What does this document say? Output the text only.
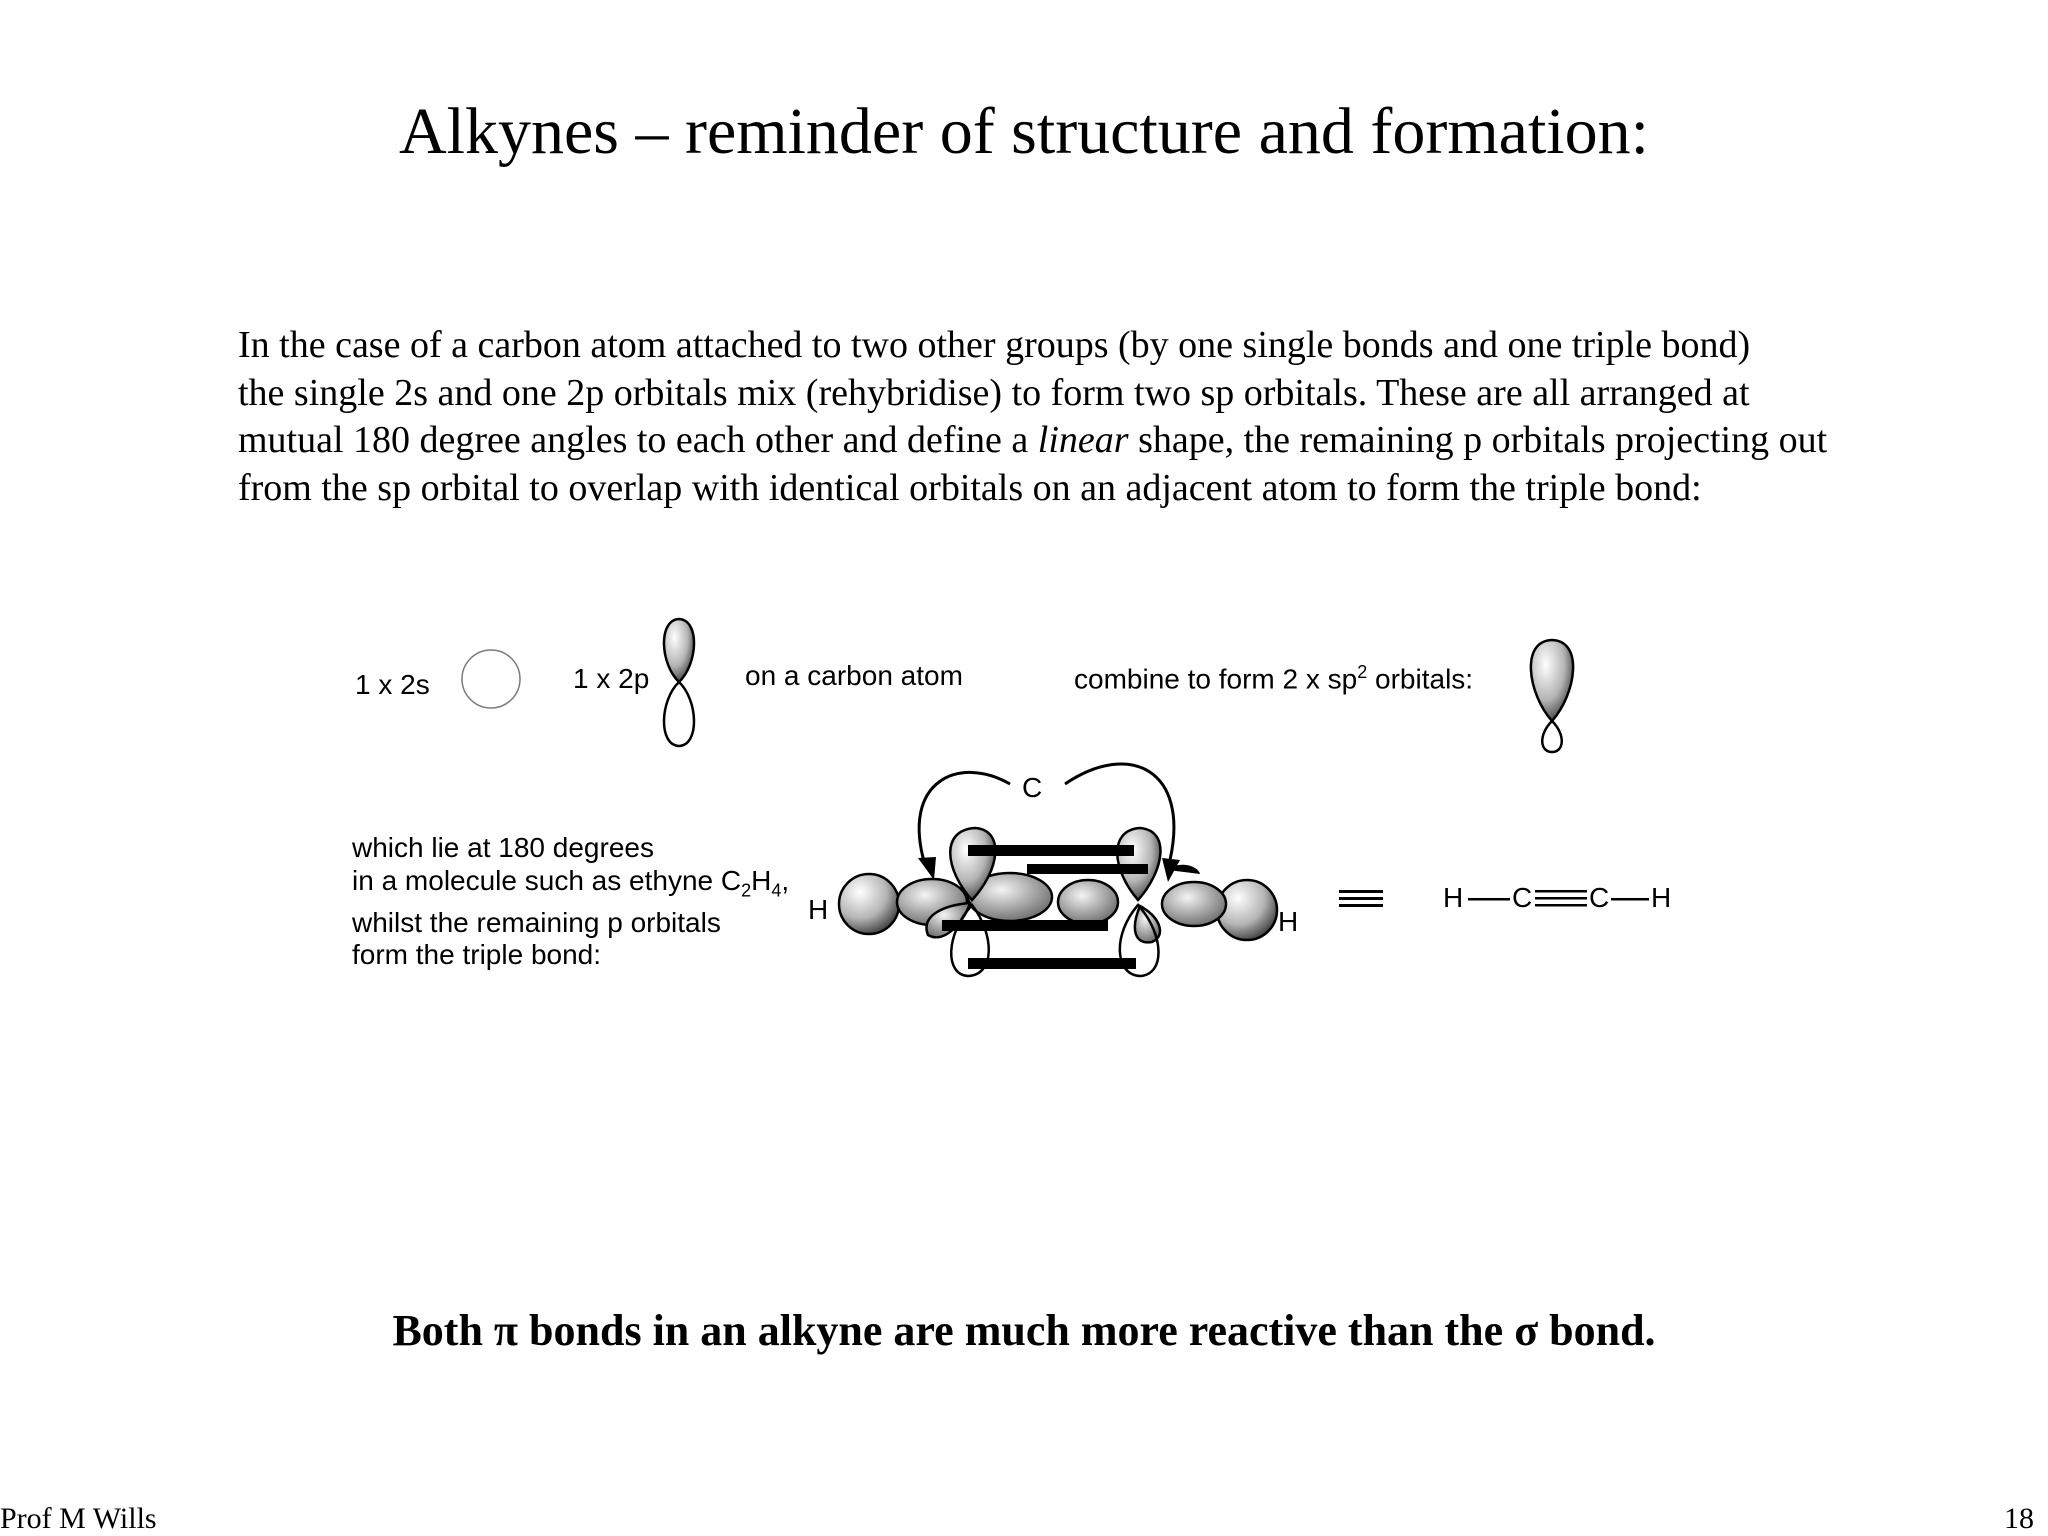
Alkynes – reminder of structure and formation:

In the case of a carbon atom attached to two other groups (by one single bonds and one triple bond)
the single 2s and one 2p orbitals mix (rehybridise) to form two sp orbitals. These are all arranged at
mutual 180 degree angles to each other and define a linear shape, the remaining p orbitals projecting out
from the sp orbital to overlap with identical orbitals on an adjacent atom to form the triple bond:

1 x 2s	1 x 2p	on a carbon atom	combine to form 2 x $sp^2$ orbitals:
which lie at 180 degrees
in a molecule such as ethyne $C_2H_4$,
whilst the remaining p orbitals
form the triple bond:
C
H	H
H C C H
Both π bonds in an alkyne are much more reactive than the σ bond.
Prof M Wills	18
